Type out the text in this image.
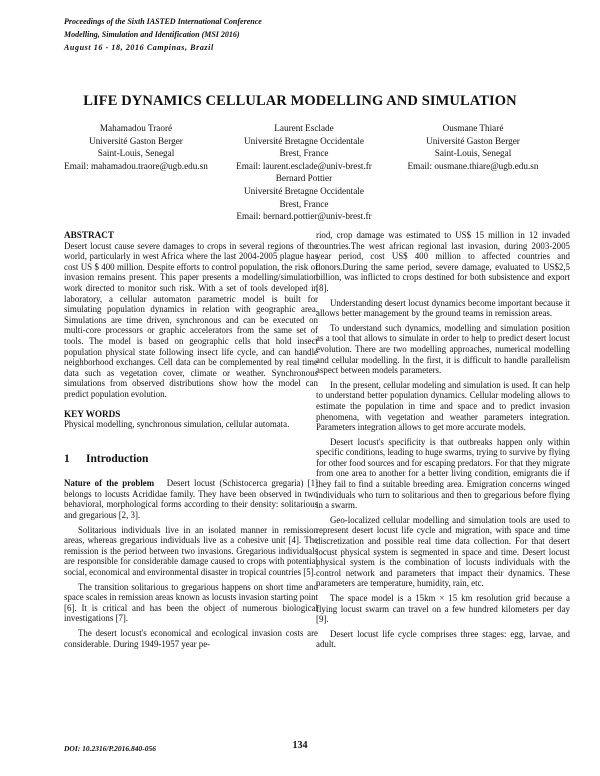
Proceedings of the Sixth IASTED International Conference
Modelling, Simulation and Identification (MSI 2016)
August 16 - 18, 2016 Campinas, Brazil
LIFE DYNAMICS CELLULAR MODELLING AND SIMULATION
Mahamadou Traoré
Université Gaston Berger
Saint-Louis, Senegal
Email: mahamadou.traore@ugb.edu.sn
Laurent Esclade
Université Bretagne Occidentale
Brest, France
Email: laurent.esclade@univ-brest.fr
Bernard Pottier
Université Bretagne Occidentale
Brest, France
Email: bernard.pottier@univ-brest.fr
Ousmane Thiaré
Université Gaston Berger
Saint-Louis, Senegal
Email: ousmane.thiare@ugb.edu.sn

ABSTRACT

Desert locust cause severe damages to crops in several regions of the world, particularly in west Africa where the last 2004-2005 plague has cost US $ 400 million. Despite efforts to control population, the risk of invasion remains present. This paper presents a modelling/simulation work directed to monitor such risk. With a set of tools developed in laboratory, a cellular automaton parametric model is built for simulating population dynamics in relation with geographic area. Simulations are time driven, synchronous and can be executed on multi-core processors or graphic accelerators from the same set of tools. The model is based on geographic cells that hold insect population physical state following insect life cycle, and can handle neighborhood exchanges. Cell data can be complemented by real time data such as vegetation cover, climate or weather. Synchronous simulations from observed distributions show how the model can predict population evolution.

KEY WORDS

Physical modelling, synchronous simulation, cellular automata.

1 Introduction

Nature of the problem Desert locust (Schistocerca gregaria) [1] belongs to locusts Acrididae family. They have been observed in two behavioral, morphological forms according to their density: solitarious and gregarious [2, 3].

Solitarious individuals live in an isolated manner in remission areas, whereas gregarious individuals live as a cohesive unit [4]. The remission is the period between two invasions. Gregarious individuals are responsible for considerable damage caused to crops with potential social, economical and environmental disaster in tropical countries [5].

The transition solitarious to gregarious happens on short time and space scales in remission areas known as locusts invasion starting point [6]. It is critical and has been the object of numerous biological investigations [7].

The desert locust's economical and ecological invasion costs are considerable. During 1949-1957 year pe-

riod, crop damage was estimated to US$ 15 million in 12 invaded countries.The west african regional last invasion, during 2003-2005 year period, cost US$ 400 million to affected countries and donors.During the same period, severe damage, evaluated to US$2,5 billion, was inflicted to crops destined for both subsistence and export [8].

Understanding desert locust dynamics become important because it allows better management by the ground teams in remission areas.

To understand such dynamics, modelling and simulation position as a tool that allows to simulate in order to help to predict desert locust evolution. There are two modelling approaches, numerical modelling and cellular modelling. In the first, it is difficult to handle parallelism aspect between models parameters.

In the present, cellular modeling and simulation is used. It can help to understand better population dynamics. Cellular modeling allows to estimate the population in time and space and to predict invasion phenomena, with vegetation and weather parameters integration. Parameters integration allows to get more accurate models.

Desert locust's specificity is that outbreaks happen only within specific conditions, leading to huge swarms, trying to survive by flying for other food sources and for escaping predators. For that they migrate from one area to another for a better living condition, emigrants die if they fail to find a suitable breeding area. Emigration concerns winged individuals who turn to solitarious and then to gregarious before flying in a swarm.

Geo-localized cellular modelling and simulation tools are used to represent desert locust life cycle and migration, with space and time discretization and possible real time data collection. For that desert locust physical system is segmented in space and time. Desert locust physical system is the combination of locusts individuals with the control network and parameters that impact their dynamics. These parameters are temperature, humidity, rain, etc.

The space model is a 15km × 15 km resolution grid because a flying locust swarm can travel on a few hundred kilometers per day [9].

Desert locust life cycle comprises three stages: egg, larvae, and adult.

DOI: 10.2316/P.2016.840-056	134
